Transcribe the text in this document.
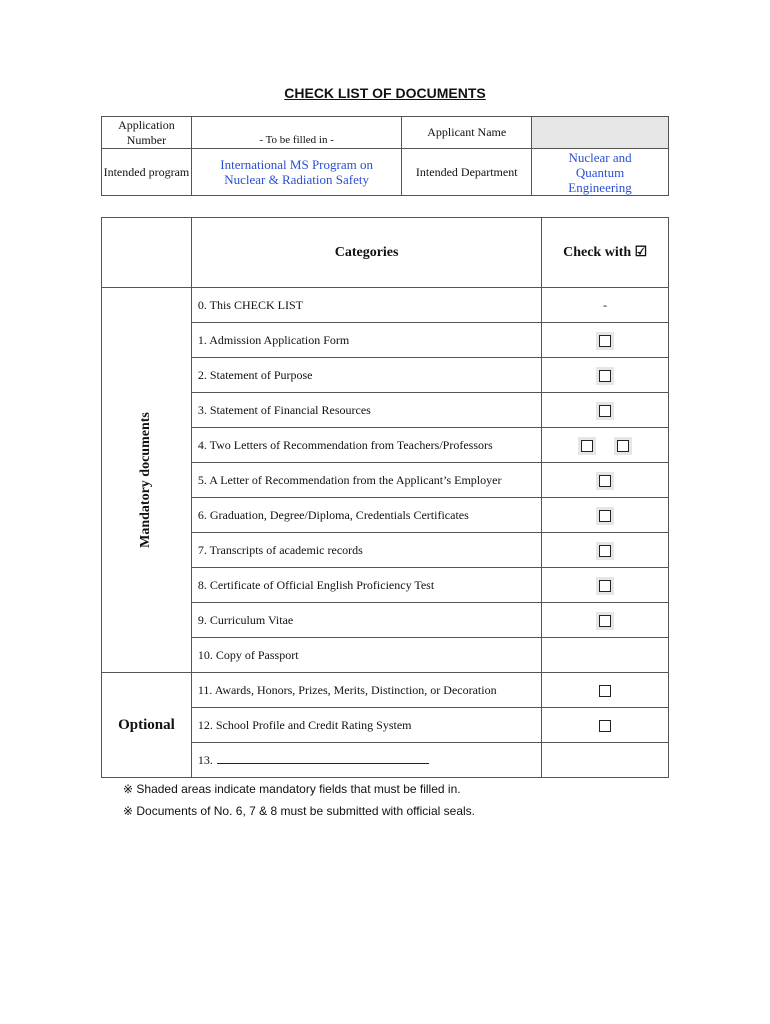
CHECK LIST OF DOCUMENTS
Application Number	- To be filled in -	Applicant Name	
Intended program	International MS Program on Nuclear & Radiation Safety	Intended Department	Nuclear and Quantum Engineering
	Categories	Check with ☑

Mandatory documents	0. This CHECK LIST	-
	1. Admission Application Form	
	2. Statement of Purpose	
	3. Statement of Financial Resources	
	4. Two Letters of Recommendation from Teachers/Professors	
	5. A Letter of Recommendation from the Applicant’s Employer	
	6. Graduation, Degree/Diploma, Credentials Certificates	
	7. Transcripts of academic records	
	8. Certificate of Official English Proficiency Test	
	9. Curriculum Vitae	
	10. Copy of Passport	
Optional	11. Awards, Honors, Prizes, Merits, Distinction, or Decoration	
	12. School Profile and Credit Rating System	
	13.	
※ Shaded areas indicate mandatory fields that must be filled in.
※ Documents of No. 6, 7 & 8 must be submitted with official seals.
